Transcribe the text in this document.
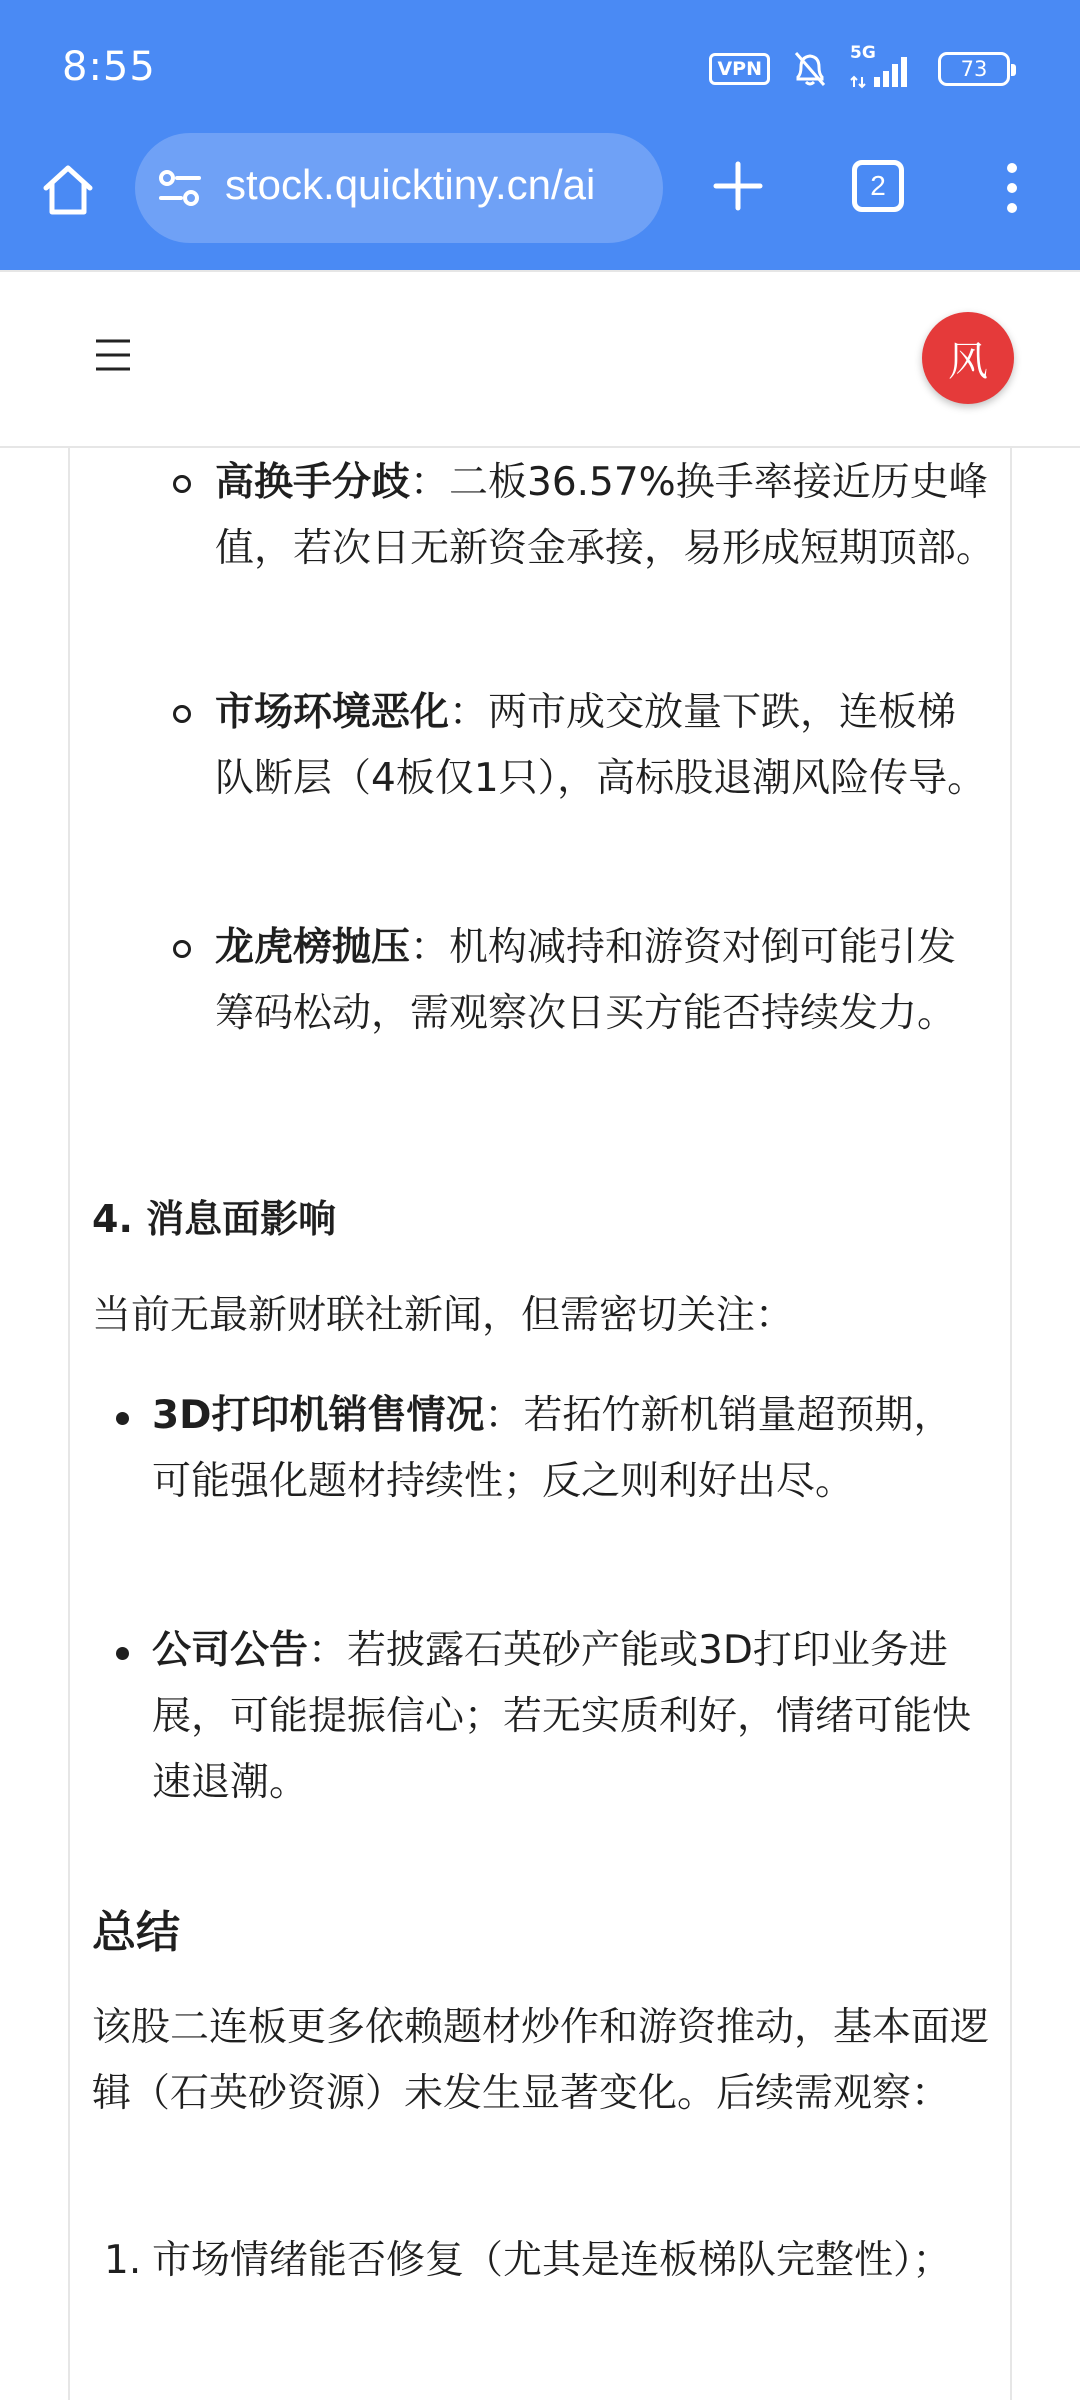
8:55	VPN
5G
73
stock.quicktiny.cn/ai	2
风
高换手分歧：二板36.57%换手率接近历史峰值，若次日无新资金承接，易形成短期顶部。
市场环境恶化：两市成交放量下跌，连板梯队断层（4板仅1只），高标股退潮风险传导。
龙虎榜抛压：机构减持和游资对倒可能引发筹码松动，需观察次日买方能否持续发力。
4. 消息面影响
当前无最新财联社新闻，但需密切关注：
3D打印机销售情况：若拓竹新机销量超预期，可能强化题材持续性；反之则利好出尽。
公司公告：若披露石英砂产能或3D打印业务进展，可能提振信心；若无实质利好，情绪可能快速退潮。
总结
该股二连板更多依赖题材炒作和游资推动，基本面逻辑（石英砂资源）未发生显著变化。后续需观察：
1. 市场情绪能否修复（尤其是连板梯队完整性）；
